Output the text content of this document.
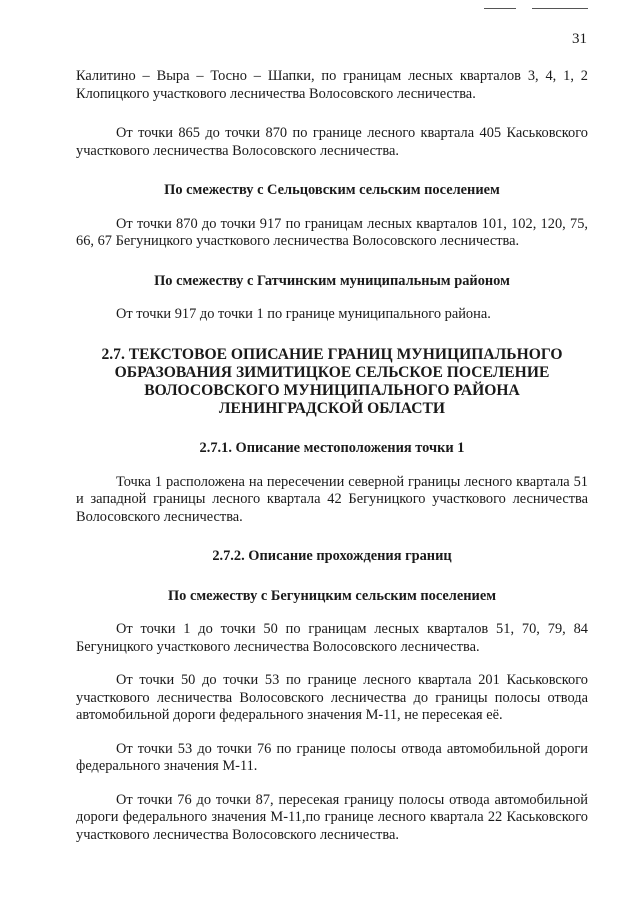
31

Калитино – Выра – Тосно – Шапки, по границам лесных кварталов 3, 4, 1, 2 Клопицкого участкового лесничества Волосовского лесничества.

От точки 865 до точки 870 по границе лесного квартала 405 Каськовского участкового лесничества Волосовского лесничества.

По смежеству с Сельцовским сельским поселением

От точки 870 до точки 917 по границам лесных кварталов 101, 102, 120, 75, 66, 67 Бегуницкого участкового лесничества Волосовского лесничества.

По смежеству с Гатчинским муниципальным районом

От точки 917 до точки 1 по границе муниципального района.

2.7. ТЕКСТОВОЕ ОПИСАНИЕ ГРАНИЦ МУНИЦИПАЛЬНОГО ОБРАЗОВАНИЯ ЗИМИТИЦКОЕ СЕЛЬСКОЕ ПОСЕЛЕНИЕ ВОЛОСОВСКОГО МУНИЦИПАЛЬНОГО РАЙОНА ЛЕНИНГРАДСКОЙ ОБЛАСТИ

2.7.1. Описание местоположения точки 1

Точка 1 расположена на пересечении северной границы лесного квартала 51 и западной границы лесного квартала 42 Бегуницкого участкового лесничества Волосовского лесничества.

2.7.2. Описание прохождения границ

По смежеству с Бегуницким сельским поселением

От точки 1 до точки 50 по границам лесных кварталов 51, 70, 79, 84 Бегуницкого участкового лесничества Волосовского лесничества.

От точки 50 до точки 53 по границе лесного квартала 201 Каськовского участкового лесничества Волосовского лесничества до границы полосы отвода автомобильной дороги федерального значения М-11, не пересекая её.

От точки 53 до точки 76 по границе полосы отвода автомобильной дороги федерального значения М-11.

От точки 76 до точки 87, пересекая границу полосы отвода автомобильной дороги федерального значения М-11,по границе лесного квартала 22 Каськовского участкового лесничества Волосовского лесничества.
